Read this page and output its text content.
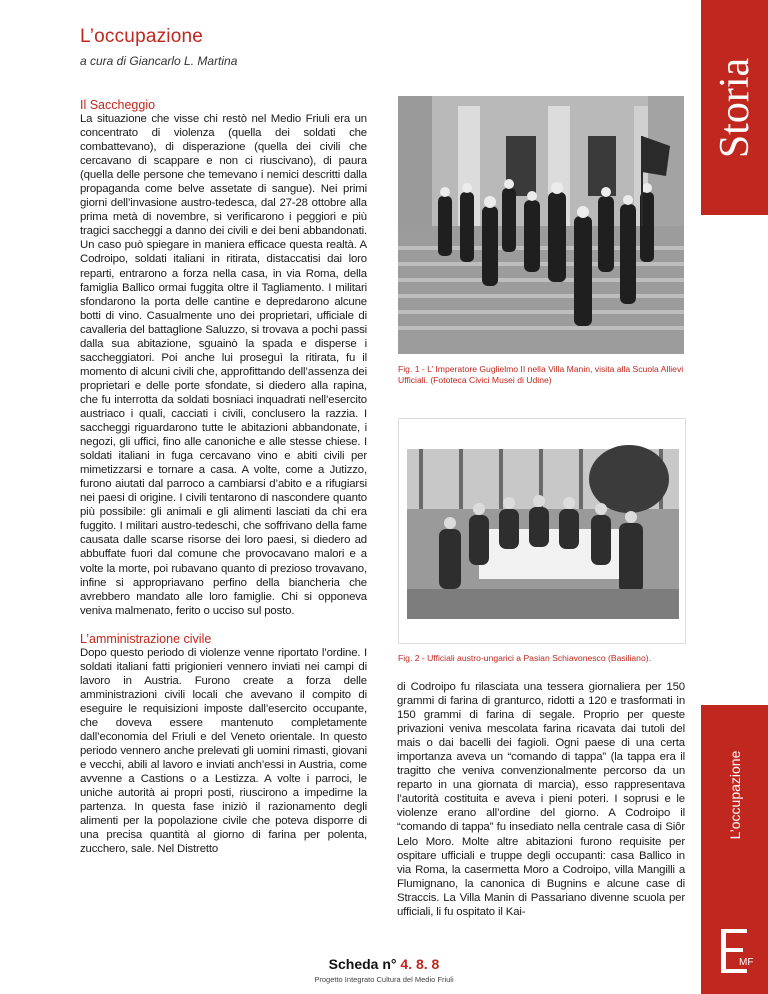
L’occupazione
a cura di Giancarlo L. Martina

Il Saccheggio

La situazione che visse chi restò nel Medio Friuli era un concentrato di violenza (quella dei soldati che combattevano), di disperazione (quella dei civili che cercavano di scappare e non ci riuscivano), di paura (quella delle persone che temevano i nemici descritti dalla propaganda come belve assetate di sangue). Nei primi giorni dell’invasione austro-tedesca, dal 27-28 ottobre alla prima metà di novembre, si verificarono i peggiori e più tragici saccheggi a danno dei civili e dei beni abbandonati. Un caso può spiegare in maniera efficace questa realtà. A Codroipo, soldati italiani in ritirata, distaccatisi dai loro reparti, entrarono a forza nella casa, in via Roma, della famiglia Ballico ormai fuggita oltre il Tagliamento. I militari sfondarono la porta delle cantine e depredarono alcune botti di vino. Casualmente uno dei proprietari, ufficiale di cavalleria del battaglione Saluzzo, si trovava a pochi passi dalla sua abitazione, sguainò la spada e disperse i saccheggiatori. Poi anche lui proseguì la ritirata, fu il momento di alcuni civili che, approfittando dell’assenza dei proprietari e delle porte sfondate, si diedero alla rapina, che fu interrotta da soldati bosniaci inquadrati nell’esercito austriaco i quali, cacciati i civili, conclusero la razzia. I saccheggi riguardarono tutte le abitazioni abbandonate, i negozi, gli uffici, fino alle canoniche e alle stesse chiese. I soldati italiani in fuga cercavano vino e abiti civili per mimetizzarsi e tornare a casa. A volte, come a Jutizzo, furono aiutati dal parroco a cambiarsi d’abito e a rifugiarsi nei paesi di origine. I civili tentarono di nascondere quanto più possibile: gli animali e gli alimenti lasciati da chi era fuggito. I militari austro-tedeschi, che soffrivano della fame causata dalle scarse risorse dei loro paesi, si diedero ad abbuffate fuori dal comune che provocavano malori e a volte la morte, poi rubavano quanto di prezioso trovavano, infine si appropriavano perfino della biancheria che avrebbero mandato alle loro famiglie. Chi si opponeva veniva malmenato, ferito o ucciso sul posto.

L’amministrazione civile

Dopo questo periodo di violenze venne riportato l’ordine. I soldati italiani fatti prigionieri vennero inviati nei campi di lavoro in Austria. Furono create a forza delle amministrazioni civili locali che avevano il compito di eseguire le requisizioni imposte dall’esercito occupante, che doveva essere mantenuto completamente dall’economia del Friuli e del Veneto orientale. In questo periodo vennero anche prelevati gli uomini rimasti, giovani e vecchi, abili al lavoro e inviati anch’essi in Austria, come avvenne a Castions o a Lestizza. A volte i parroci, le uniche autorità ai propri posti, riuscirono a impedirne la partenza. In questa fase iniziò il razionamento degli alimenti per la popolazione civile che poteva disporre di una precisa quantità al giorno di farina per polenta, zucchero, sale. Nel Distretto

Fig. 1 - L’ Imperatore Guglielmo II nella Villa Manin, visita alla Scuola Allievi Ufficiali. (Fototeca Civici Musei di Udine)
Fig. 2 - Ufficiali austro-ungarici a Pasian Schiavonesco (Basiliano).

di Codroipo fu rilasciata una tessera giornaliera per 150 grammi di farina di granturco, ridotti a 120 e trasformati in 150 grammi di farina di segale. Proprio per queste privazioni veniva mescolata farina ricavata dai tutoli del mais o dai bacelli dei fagioli. Ogni paese di una certa importanza aveva un “comando di tappa” (la tappa era il tragitto che veniva convenzionalmente percorso da un reparto in una giornata di marcia), esso rappresentava l’autorità costituita e aveva i pieni poteri. I soprusi e le violenze erano all’ordine del giorno. A Codroipo il “comando di tappa” fu insediato nella centrale casa di Siôr Lelo Moro. Molte altre abitazioni furono requisite per ospitare ufficiali e truppe degli occupanti: casa Ballico in via Roma, la casermetta Moro a Codroipo, villa Mangilli a Flumignano, la canonica di Bugnins e alcune case di Straccis. La Villa Manin di Passariano divenne scuola per ufficiali, li fu ospitato il Kai-

Storia
L’occupazione
MF
Scheda n° 4. 8. 8
Progetto Integrato Cultura del Medio Friuli
